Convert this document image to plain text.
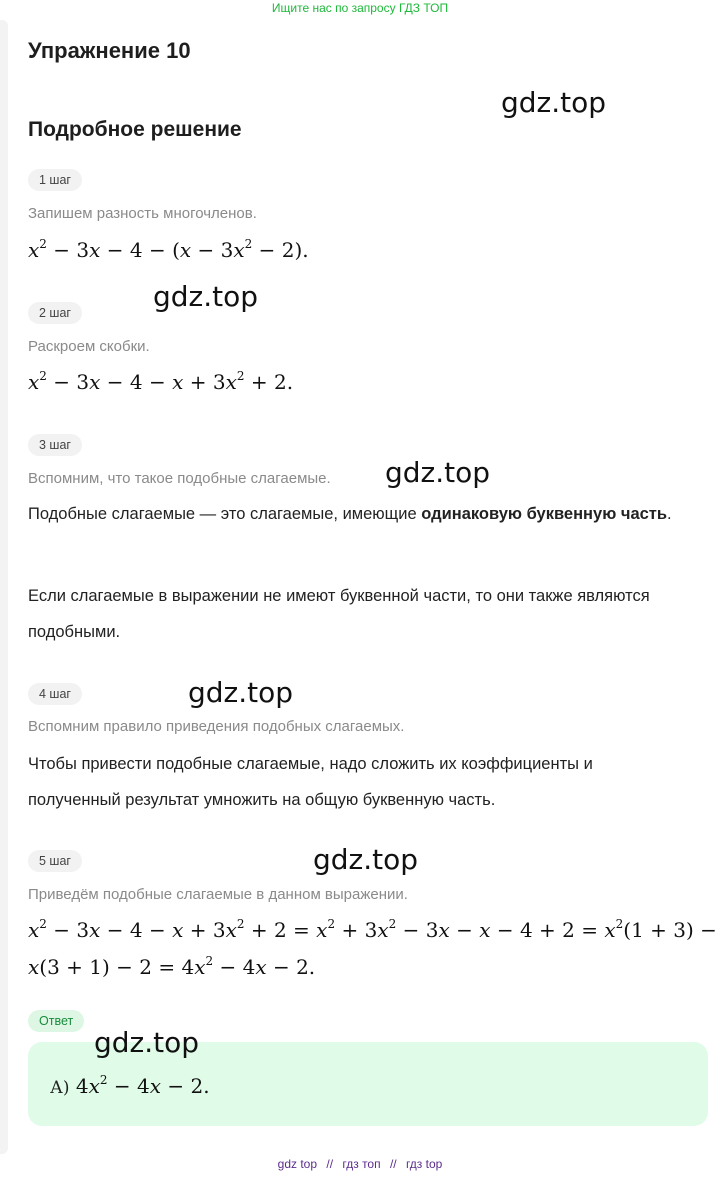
Ищите нас по запросу ГДЗ ТОП
Упражнение 10
gdz.top
Подробное решение
1 шаг
Запишем разность многочленов.
$x^2 - 3x - 4 - (x - 3x^2 - 2)$.
gdz.top
2 шаг
Раскроем скобки.
$x^2 - 3x - 4 - x + 3x^2 + 2$.
3 шаг
Вспомним, что такое подобные слагаемые. gdz.top
Подобные слагаемые — это слагаемые, имеющие одинаковую буквенную часть.
Если слагаемые в выражении не имеют буквенной части, то они также являются подобными.
4 шаг	gdz.top
Вспомним правило приведения подобных слагаемых.
Чтобы привести подобные слагаемые, надо сложить их коэффициенты и полученный результат умножить на общую буквенную часть.
5 шаг	gdz.top
Приведём подобные слагаемые в данном выражении.
$x^2 - 3x - 4 - x + 3x^2 + 2 = x^2 + 3x^2 - 3x - x - 4 + 2 = x^2(1 + 3)$ −
$x(3 + 1) - 2 = 4x^2 - 4x - 2$.
Ответ
gdz.top
А) $4x^2 - 4x - 2$.
gdz top // гдз топ // гдз top
